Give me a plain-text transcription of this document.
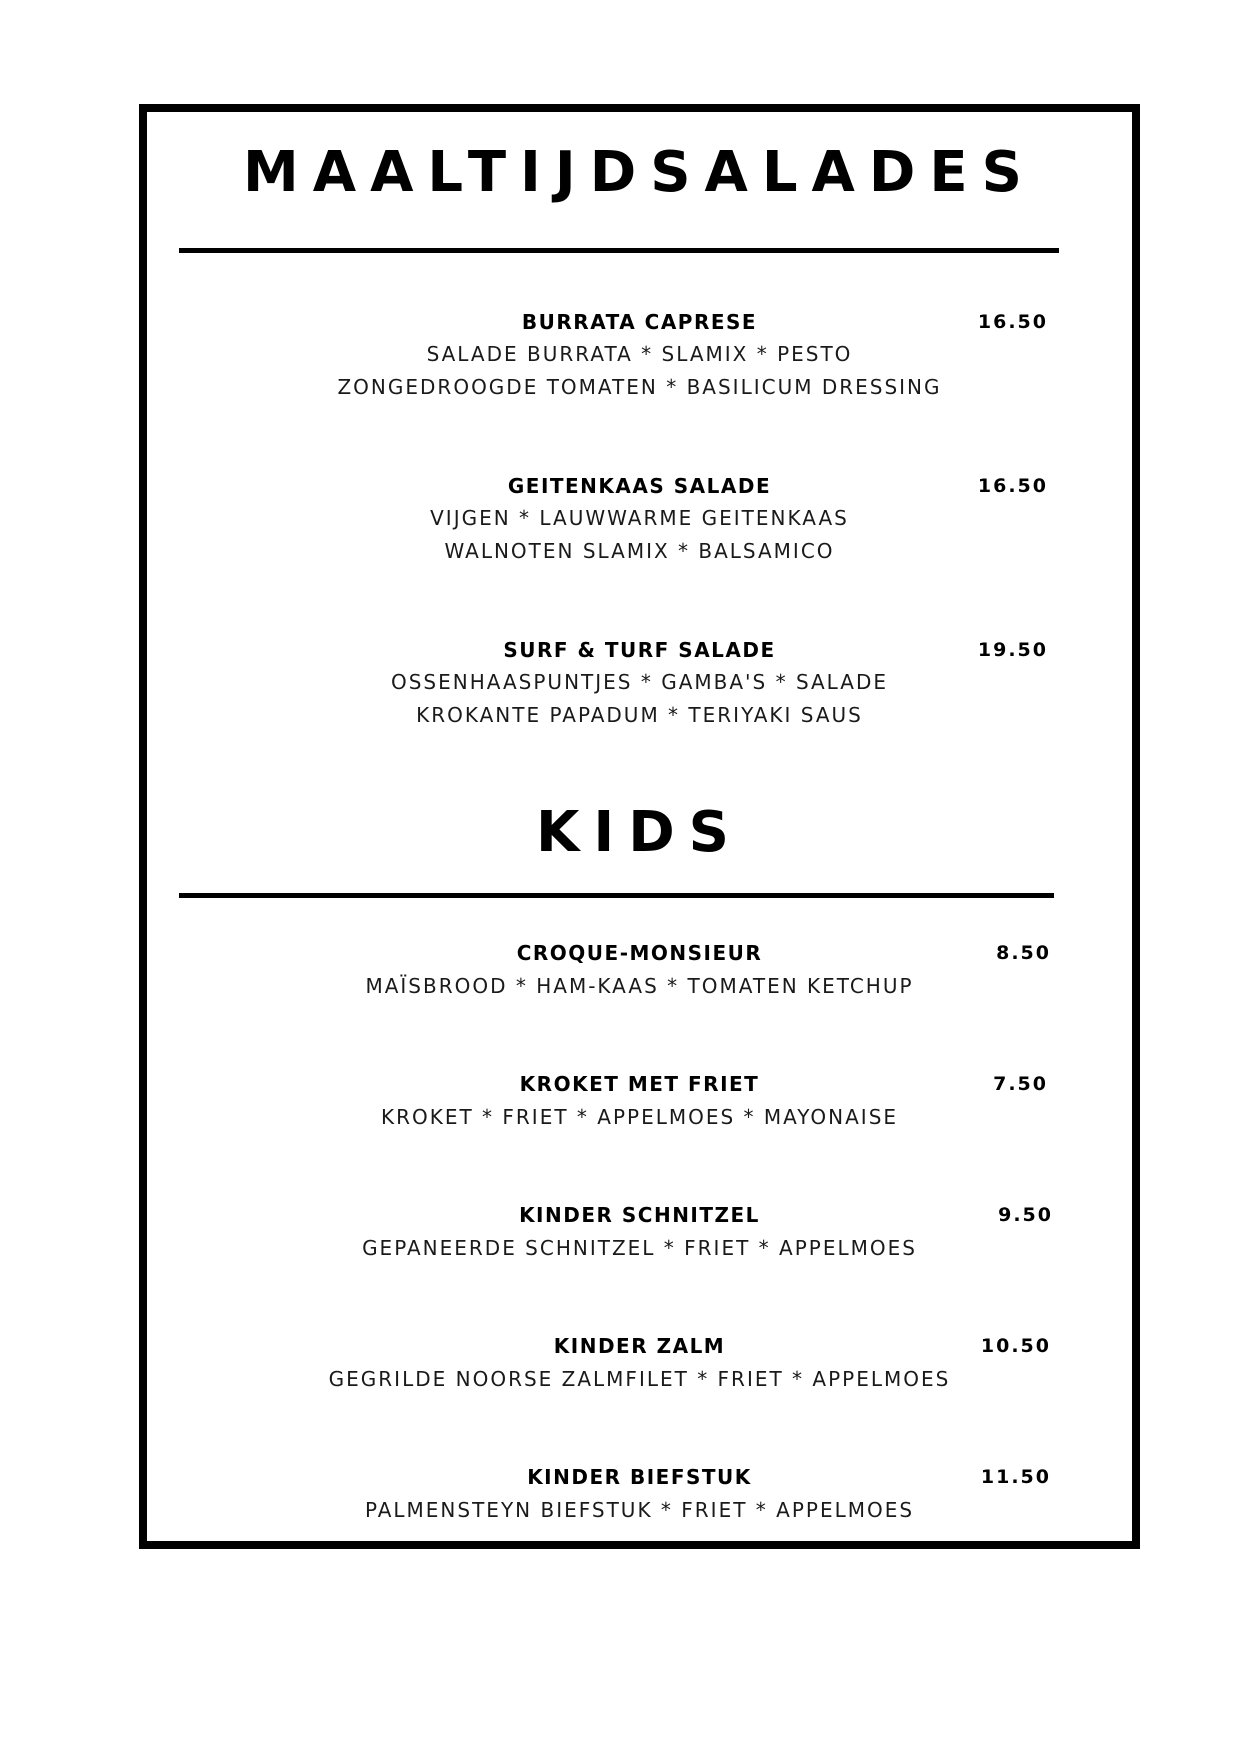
MAALTIJDSALADES
BURRATA CAPRESE	16.50
SALADE BURRATA * SLAMIX * PESTO
ZONGEDROOGDE TOMATEN * BASILICUM DRESSING
GEITENKAAS SALADE	16.50
VIJGEN * LAUWWARME GEITENKAAS
WALNOTEN SLAMIX * BALSAMICO
SURF & TURF SALADE	19.50
OSSENHAASPUNTJES * GAMBA'S * SALADE
KROKANTE PAPADUM * TERIYAKI SAUS
KIDS
CROQUE-MONSIEUR	8.50
MAÏSBROOD * HAM-KAAS * TOMATEN KETCHUP
KROKET MET FRIET	7.50
KROKET * FRIET * APPELMOES * MAYONAISE
KINDER SCHNITZEL	9.50
GEPANEERDE SCHNITZEL * FRIET * APPELMOES
KINDER ZALM	10.50
GEGRILDE NOORSE ZALMFILET * FRIET * APPELMOES
KINDER BIEFSTUK	11.50
PALMENSTEYN BIEFSTUK * FRIET * APPELMOES
